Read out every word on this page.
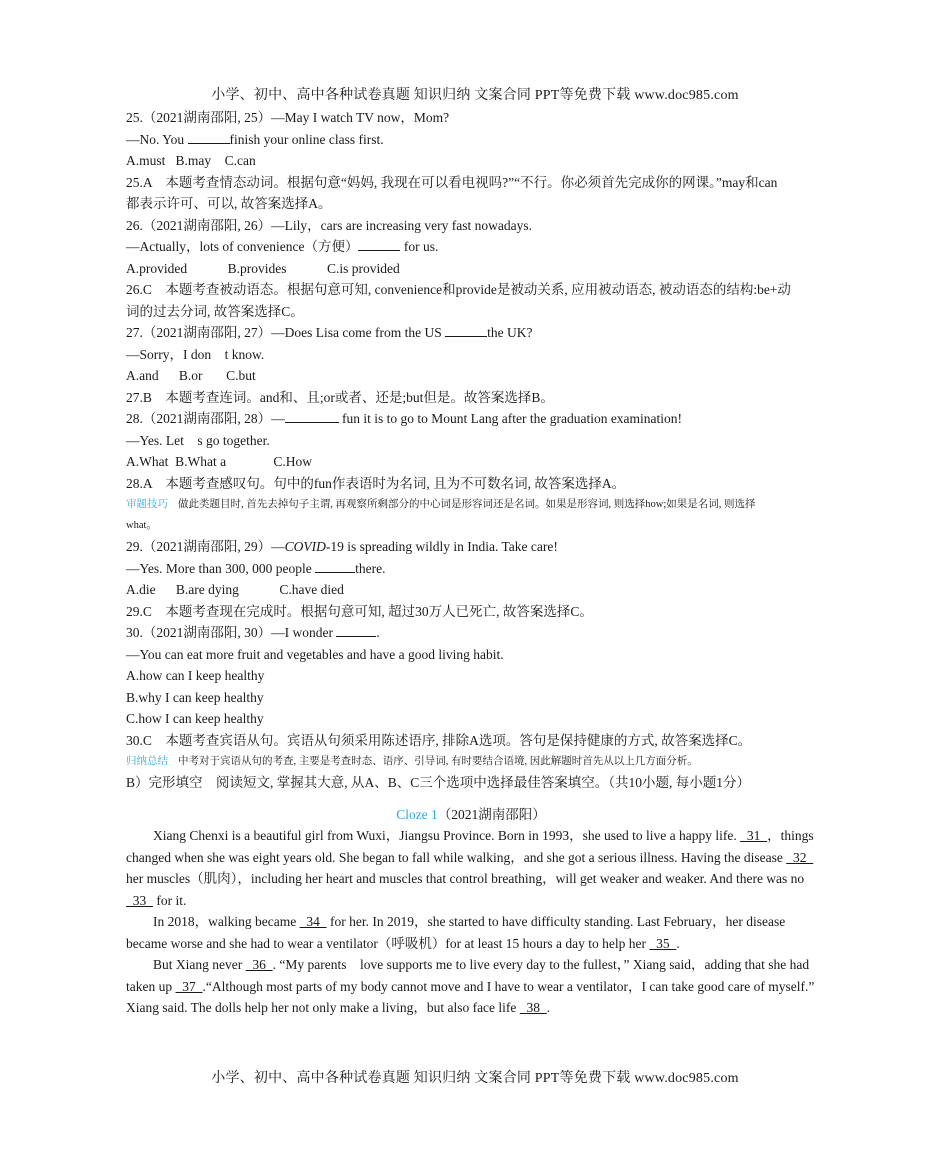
小学、初中、高中各种试卷真题 知识归纳 文案合同 PPT等免费下载 www.doc985.com
25.（2021湖南邵阳, 25）—May I watch TV now，Mom?
—No. You	finish your online class first.
A.must   B.may    C.can
25.A　本题考查情态动词。根据句意“妈妈, 我现在可以看电视吗?”“不行。你必须首先完成你的网课。”may和can
都表示许可、可以, 故答案选择A。
26.（2021湖南邵阳, 26）—Lily，cars are increasing very fast nowadays.
—Actually，lots of convenience（方便）	for us.
A.provided            B.provides            C.is provided
26.C　本题考查被动语态。根据句意可知, convenience和provide是被动关系, 应用被动语态, 被动语态的结构:be+动
词的过去分词, 故答案选择C。
27.（2021湖南邵阳, 27）—Does Lisa come from the US	the UK?
—Sorry，I don　t know.
A.and      B.or       C.but
27.B　本题考查连词。and和、且;or或者、还是;but但是。故答案选择B。
28.（2021湖南邵阳, 28）—	fun it is to go to Mount Lang after the graduation examination!
—Yes. Let　s go together.
A.What  B.What a              C.How
28.A　本题考查感叹句。句中的fun作表语时为名词, 且为不可数名词, 故答案选择A。
审题技巧 做此类题目时, 首先去掉句子主谓, 再观察所剩部分的中心词是形容词还是名词。如果是形容词, 则选择how;如果是名词, 则选择
what。
29.（2021湖南邵阳, 29）—COVID-19 is spreading wildly in India. Take care!
—Yes. More than 300, 000 people	there.
A.die      B.are dying            C.have died
29.C　本题考查现在完成时。根据句意可知, 超过30万人已死亡, 故答案选择C。
30.（2021湖南邵阳, 30）—I wonder	.
—You can eat more fruit and vegetables and have a good living habit.
A.how can I keep healthy
B.why I can keep healthy
C.how I can keep healthy
30.C　本题考查宾语从句。宾语从句须采用陈述语序, 排除A选项。答句是保持健康的方式, 故答案选择C。
归纳总结 中考对于宾语从句的考查, 主要是考查时态、语序、引导词, 有时要结合语境, 因此解题时首先从以上几方面分析。
B）完形填空　阅读短文, 掌握其大意, 从A、B、C三个选项中选择最佳答案填空。（共10小题, 每小题1分）
Cloze 1（2021湖南邵阳）
Xiang Chenxi is a beautiful girl from Wuxi，Jiangsu Province. Born in 1993，she used to live a happy life.   31  ，things changed when she was eight years old. She began to fall while walking，and she got a serious illness. Having the disease   32   her muscles（肌肉），including her heart and muscles that control breathing，will get weaker and weaker. And there was no   33   for it.
In 2018，walking became   34   for her. In 2019，she started to have difficulty standing. Last February，her disease became worse and she had to wear a ventilator（呼吸机）for at least 15 hours a day to help her   35  .
But Xiang never   36  . “My parents　love supports me to live every day to the fullest，” Xiang said，adding that she had taken up   37  .“Although most parts of my body cannot move and I have to wear a ventilator，I can take good care of myself.” Xiang said. The dolls help her not only make a living，but also face life   38  .
小学、初中、高中各种试卷真题 知识归纳 文案合同 PPT等免费下载 www.doc985.com
